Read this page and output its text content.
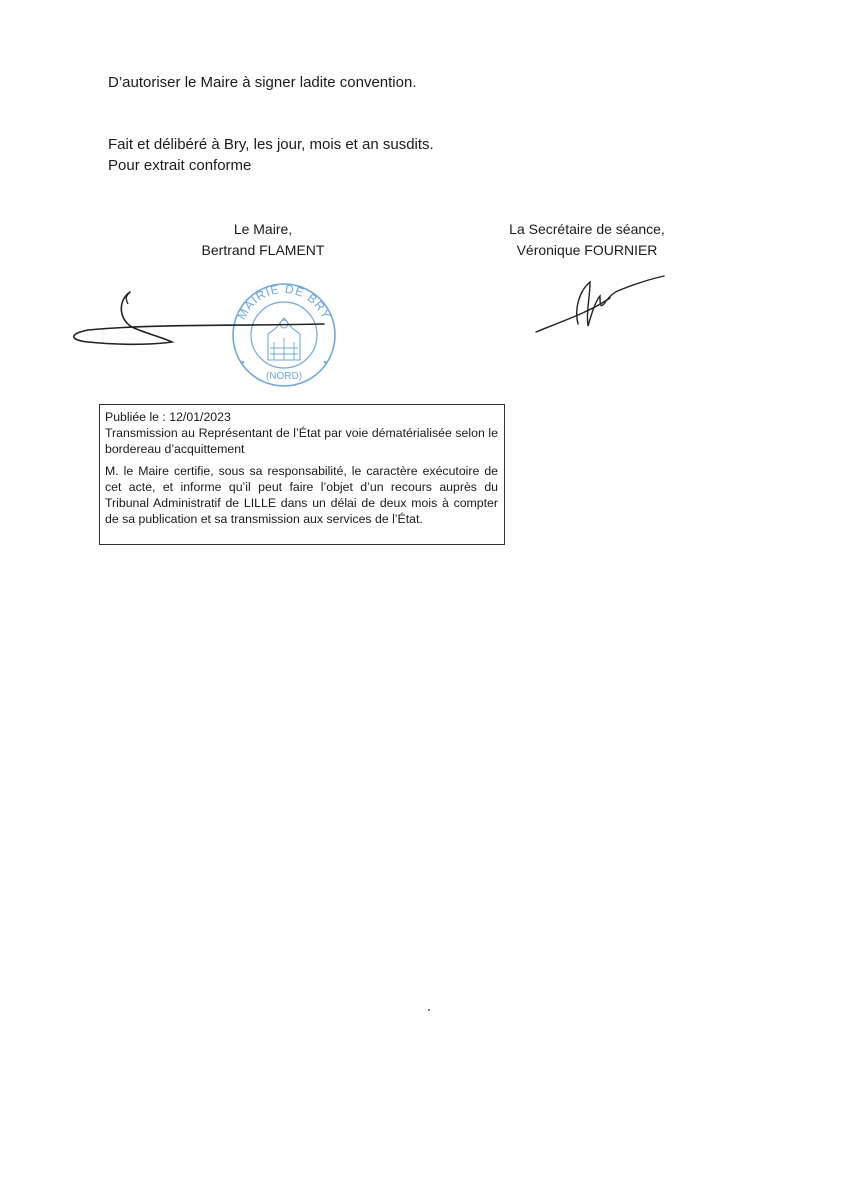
D’autoriser le Maire à signer ladite convention.

Fait et délibéré à Bry, les jour, mois et an susdits.

Pour extrait conforme

Le Maire,
Bertrand FLAMENT
La Secrétaire de séance,
Véronique FOURNIER
MAIRIE DE BRY
(NORD)

Publiée le : 12/01/2023

Transmission au Représentant de l’État par voie dématérialisée selon le bordereau d’acquittement

M. le Maire certifie, sous sa responsabilité, le caractère exécutoire de cet acte, et informe qu’il peut faire l’objet d’un recours auprès du Tribunal Administratif de LILLE dans un délai de deux mois à compter de sa publication et sa transmission aux services de l’État.
